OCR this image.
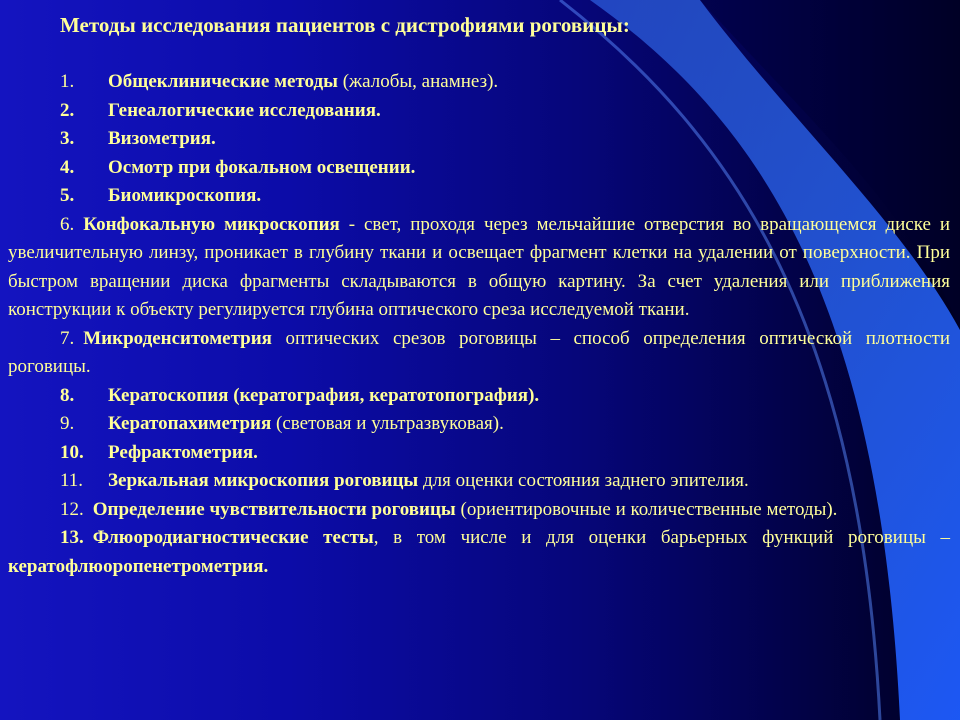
Методы исследования пациентов с дистрофиями роговицы:

1. Общеклинические методы (жалобы, анамнез).

2. Генеалогические исследования.

3. Визометрия.

4. Осмотр при фокальном освещении.

5. Биомикроскопия.

6. Конфокальную микроскопия - свет, проходя через мельчайшие отверстия во вращающемся диске и увеличительную линзу, проникает в глубину ткани и освещает фрагмент клетки на удалении от поверхности. При быстром вращении диска фрагменты складываются в общую картину. За счет удаления или приближения конструкции к объекту регулируется глубина оптического среза исследуемой ткани.

7. Микроденситометрия оптических срезов роговицы – способ определения оптической плотности роговицы.

8. Кератоскопия (кератография, кератотопография).

9. Кератопахиметрия (световая и ультразвуковая).

10. Рефрактометрия.

11. Зеркальная микроскопия роговицы для оценки состояния заднего эпителия.

12. Определение чувствительности роговицы (ориентировочные и количественные методы).

13. Флюородиагностические тесты, в том числе и для оценки барьерных функций роговицы – кератофлюоропенетрометрия.
